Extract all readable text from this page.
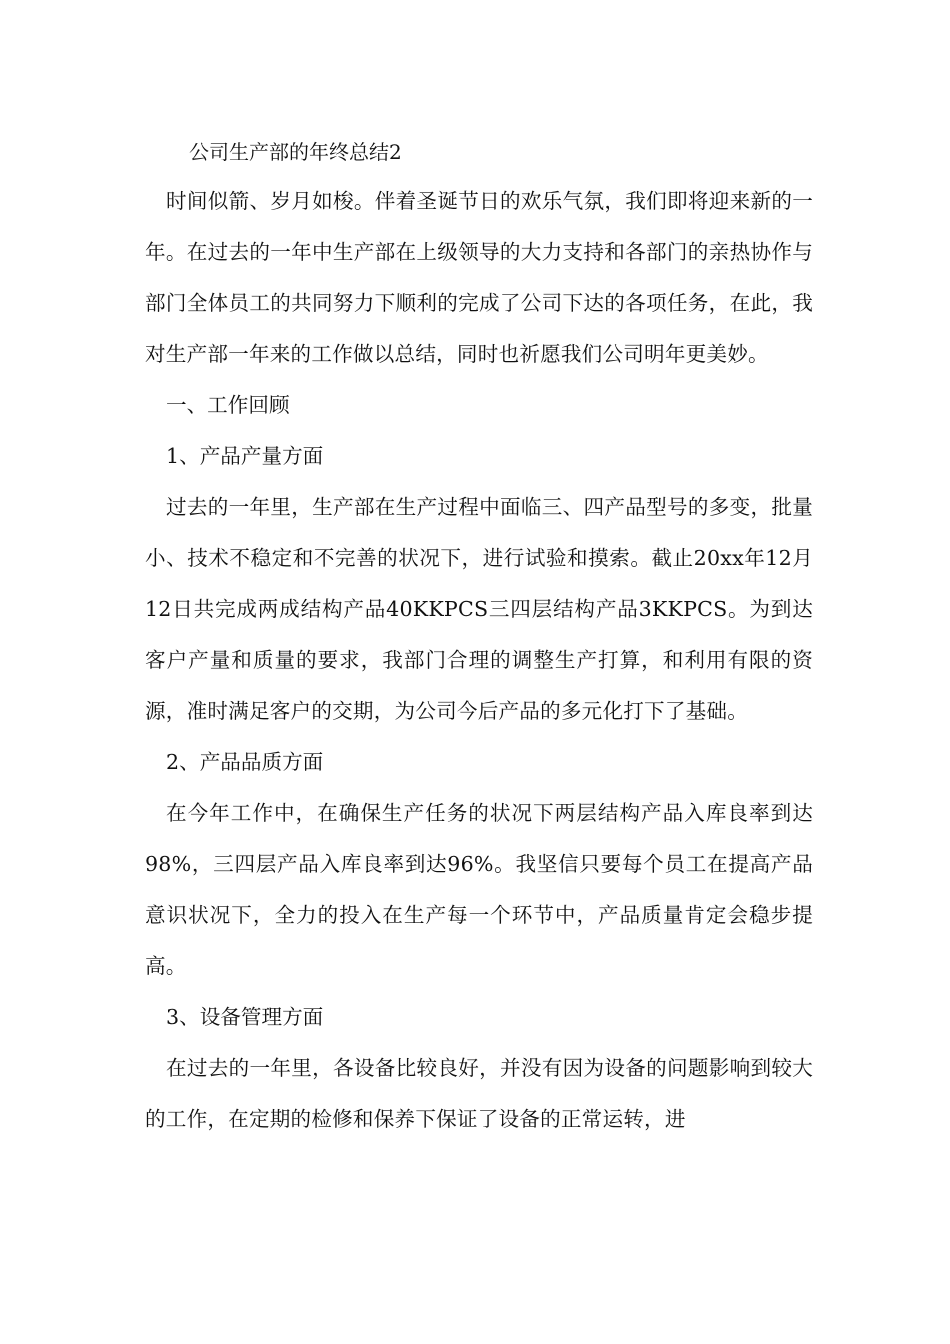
公司生产部的年终总结2

时间似箭、岁月如梭。伴着圣诞节日的欢乐气氛，我们即将迎来新的一年。在过去的一年中生产部在上级领导的大力支持和各部门的亲热协作与部门全体员工的共同努力下顺利的完成了公司下达的各项任务，在此，我对生产部一年来的工作做以总结，同时也祈愿我们公司明年更美妙。

一、工作回顾
1、产品产量方面

过去的一年里，生产部在生产过程中面临三、四产品型号的多变，批量小、技术不稳定和不完善的状况下，进行试验和摸索。截止20xx年12月12日共完成两成结构产品40KKPCS三四层结构产品3KKPCS。为到达客户产量和质量的要求，我部门合理的调整生产打算，和利用有限的资源，准时满足客户的交期，为公司今后产品的多元化打下了基础。

2、产品品质方面

在今年工作中，在确保生产任务的状况下两层结构产品入库良率到达98%，三四层产品入库良率到达96%。我坚信只要每个员工在提高产品意识状况下，全力的投入在生产每一个环节中，产品质量肯定会稳步提高。

3、设备管理方面

在过去的一年里，各设备比较良好，并没有因为设备的问题影响到较大的工作，在定期的检修和保养下保证了设备的正常运转，进
